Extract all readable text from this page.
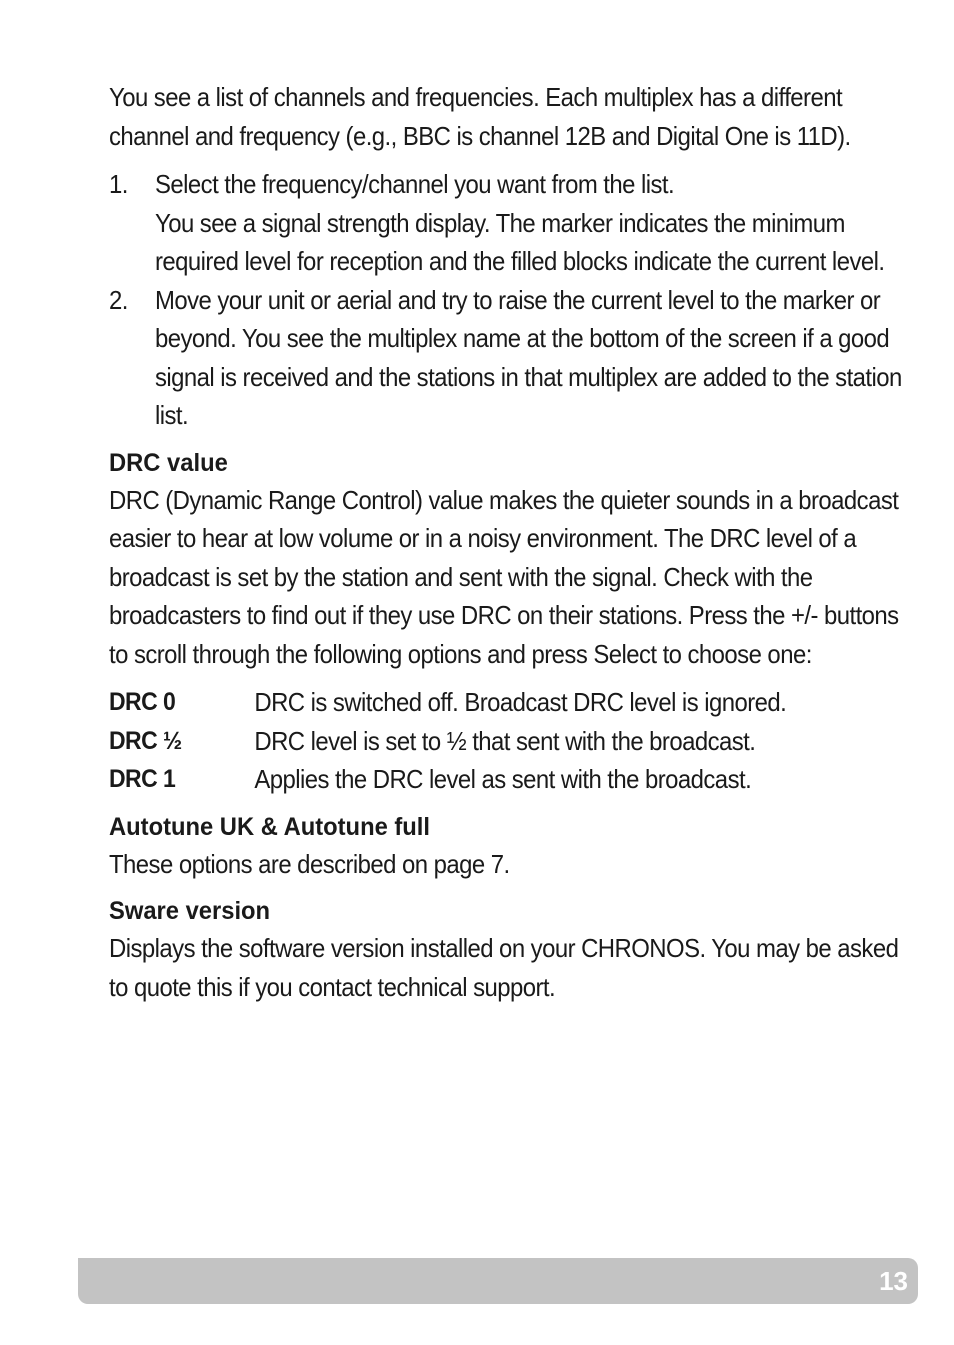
You see a list of channels and frequencies. Each multiplex has a different channel and frequency (e.g., BBC is channel 12B and Digital One is 11D).

1.	Select the frequency/channel you want from the list.
You see a signal strength display. The marker indicates the minimum required level for reception and the filled blocks indicate the current level.
2.	Move your unit or aerial and try to raise the current level to the marker or beyond. You see the multiplex name at the bottom of the screen if a good signal is received and the stations in that multiplex are added to the station list.
DRC value

DRC (Dynamic Range Control) value makes the quieter sounds in a broadcast easier to hear at low volume or in a noisy environment. The DRC level of a broadcast is set by the station and sent with the signal. Check with the broadcasters to find out if they use DRC on their stations. Press the +/- buttons to scroll through the following options and press Select to choose one:

DRC 0	DRC is switched off. Broadcast DRC level is ignored.
DRC ½	DRC level is set to ½ that sent with the broadcast.
DRC 1	Applies the DRC level as sent with the broadcast.
Autotune UK & Autotune full

These options are described on page 7.

Sware version

Displays the software version installed on your CHRONOS. You may be asked to quote this if you contact technical support.

13
